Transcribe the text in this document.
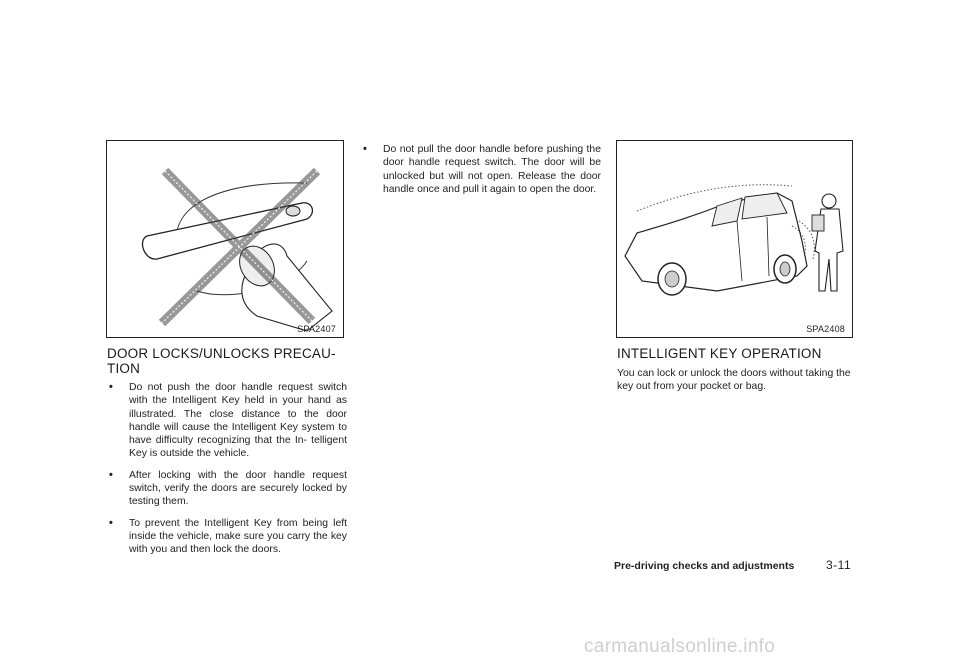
SPA2407
DOOR LOCKS/UNLOCKS PRECAU-
TION
• Do not push the door handle request switch with the Intelligent Key held in your hand as illustrated. The close distance to the door handle will cause the Intelligent Key system to have difficulty recognizing that the In- telligent Key is outside the vehicle.
• After locking with the door handle request switch, verify the doors are securely locked by testing them.
• To prevent the Intelligent Key from being left inside the vehicle, make sure you carry the key with you and then lock the doors.
• Do not pull the door handle before pushing the door handle request switch. The door will be unlocked but will not open. Release the door handle once and pull it again to open the door.
SPA2408
INTELLIGENT KEY OPERATION

You can lock or unlock the doors without taking the key out from your pocket or bag.

Pre-driving checks and adjustments	3-11
carmanualsonline.info
